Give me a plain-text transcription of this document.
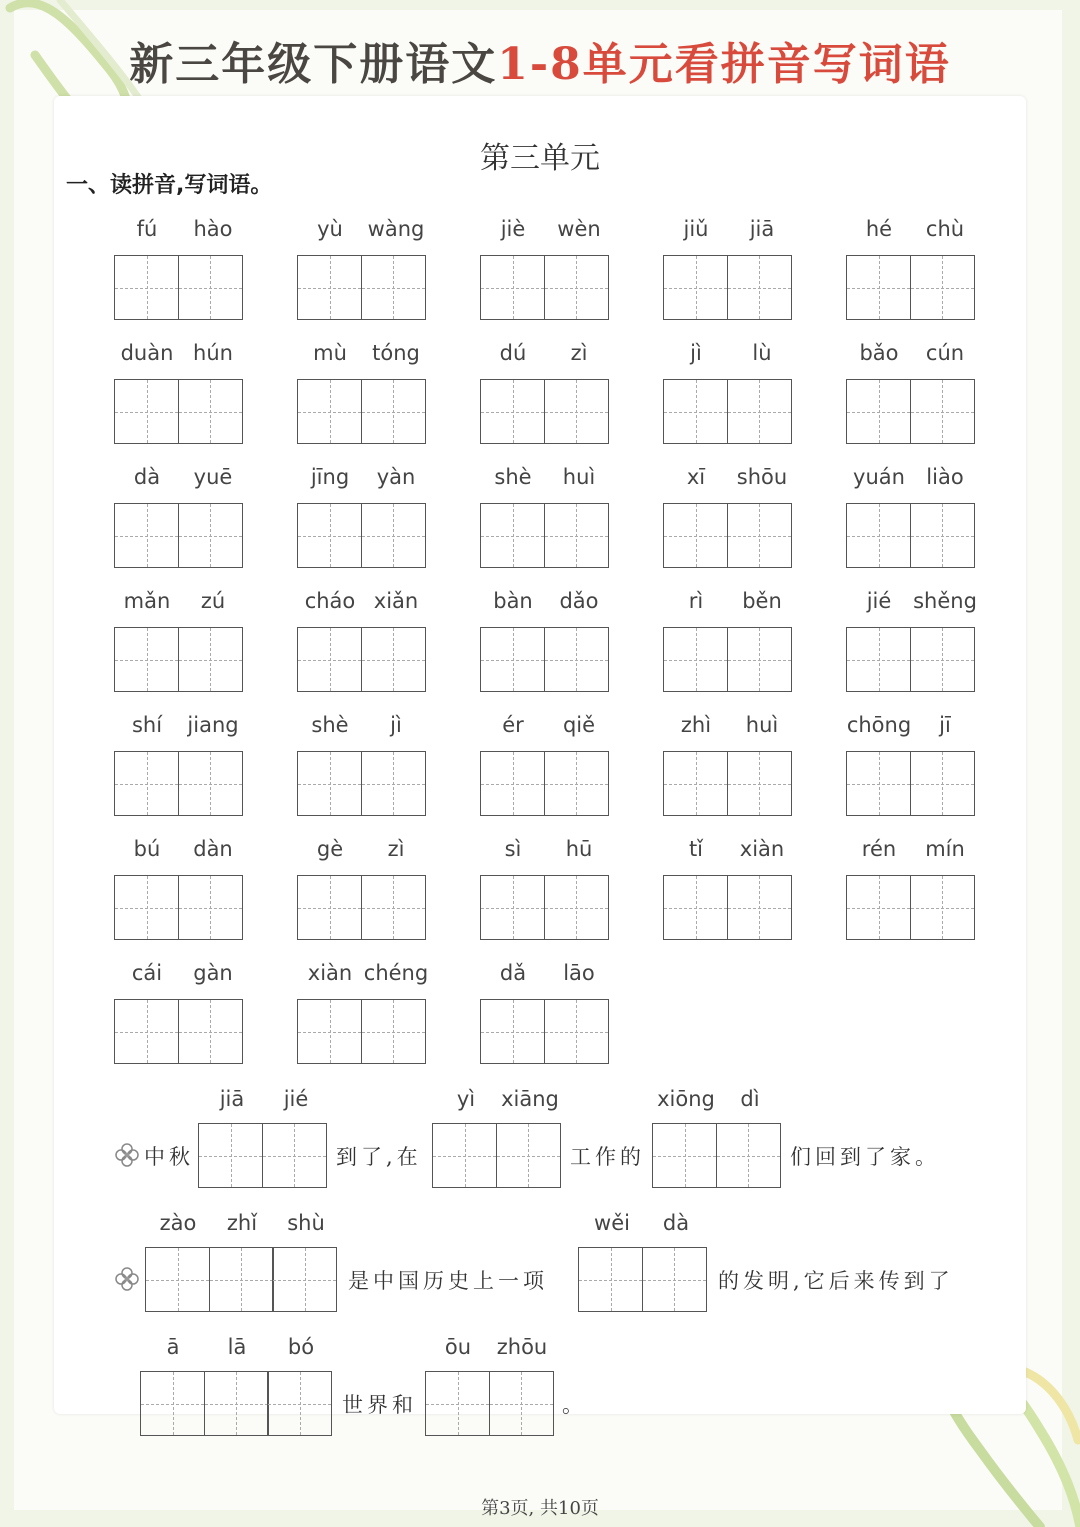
新三年级下册语文1-8单元看拼音写词语
第三单元
一、读拼音,写词语。
fú	hào	yù	wàng	jiè	wèn	jiǔ	jiā	hé	chù
duàn hún	mù	tóng	dú	zì	jì	lù	bǎo	cún
dà	yuē	jīng	yàn	shè	huì	xī	shōu	yuán	liào
mǎn	zú	cháo xiǎn	bàn	dǎo	rì	běn	jié	shěng
shí	jiang	shè	jì	ér	qiě	zhì	huì	chōng	jī
bú	dàn	gè	zì	sì	hū	tǐ	xiàn	rén	mín
cái	gàn	xiàn chéng	dǎ	lāo
jiā	jié	yì	xiāng	xiōng	dì
中秋	到了,在	工作的	们回到了家。
zào	zhǐ	shù	wěi	dà
是中国历史上一项	的发明,它后来传到了
ā	lā	bó	ōu	zhōu
世界和	。
第3页, 共10页
